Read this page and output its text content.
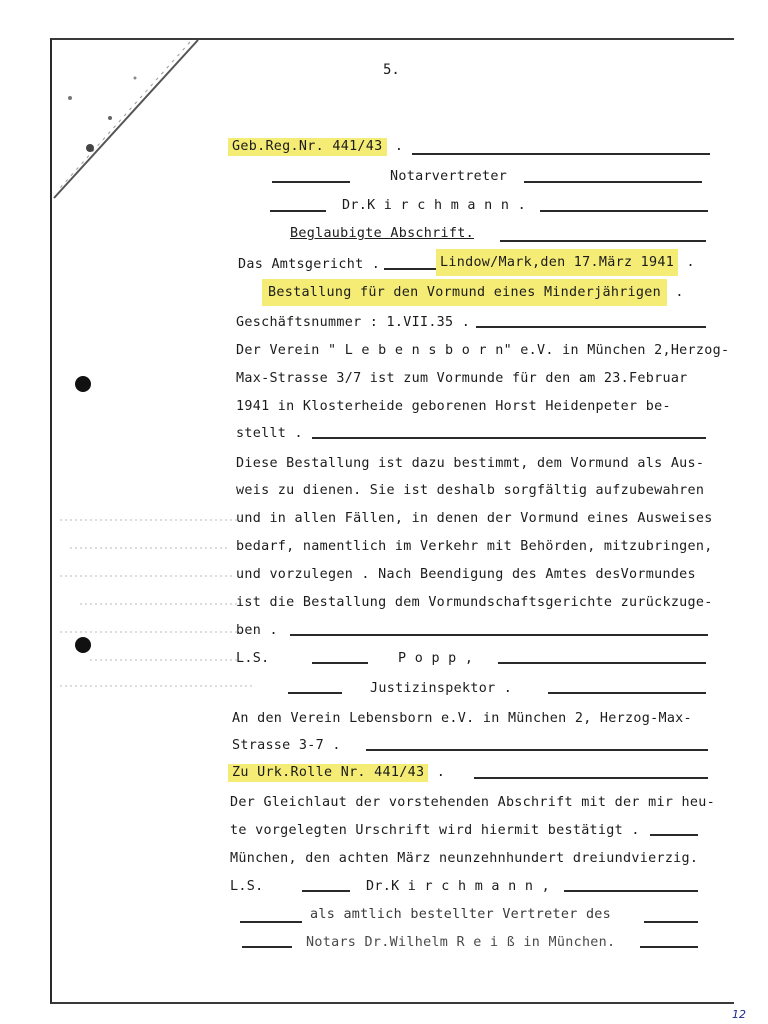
5.
Geb.Reg.Nr. 441/43 .
Notarvertreter
Dr.K i r c h m a n n .
Beglaubigte Abschrift.
Das Amtsgericht .	Lindow/Mark,den 17.März 1941 .
Bestallung für den Vormund eines Minderjährigen .
Geschäftsnummer : 1.VII.35 .
Der Verein " L e b e n s b o r n" e.V. in München 2,Herzog-
Max-Strasse 3/7 ist zum Vormunde für den am 23.Februar
1941 in Klosterheide geborenen Horst Heidenpeter be-
stellt .
Diese Bestallung ist dazu bestimmt, dem Vormund als Aus-
weis zu dienen. Sie ist deshalb sorgfältig aufzubewahren
und in allen Fällen, in denen der Vormund eines Ausweises
bedarf, namentlich im Verkehr mit Behörden, mitzubringen,
und vorzulegen . Nach Beendigung des Amtes desVormundes
ist die Bestallung dem Vormundschaftsgerichte zurückzuge-
ben .
L.S.	P o p p ,
Justizinspektor .
An den Verein Lebensborn e.V. in München 2, Herzog-Max-
Strasse 3-7 .
Zu Urk.Rolle Nr. 441/43 .
Der Gleichlaut der vorstehenden Abschrift mit der mir heu-
te vorgelegten Urschrift wird hiermit bestätigt .
München, den achten März neunzehnhundert dreiundvierzig.
L.S.	Dr.K i r c h m a n n ,
als amtlich bestellter Vertreter des
Notars Dr.Wilhelm R e i ß in München.
12
